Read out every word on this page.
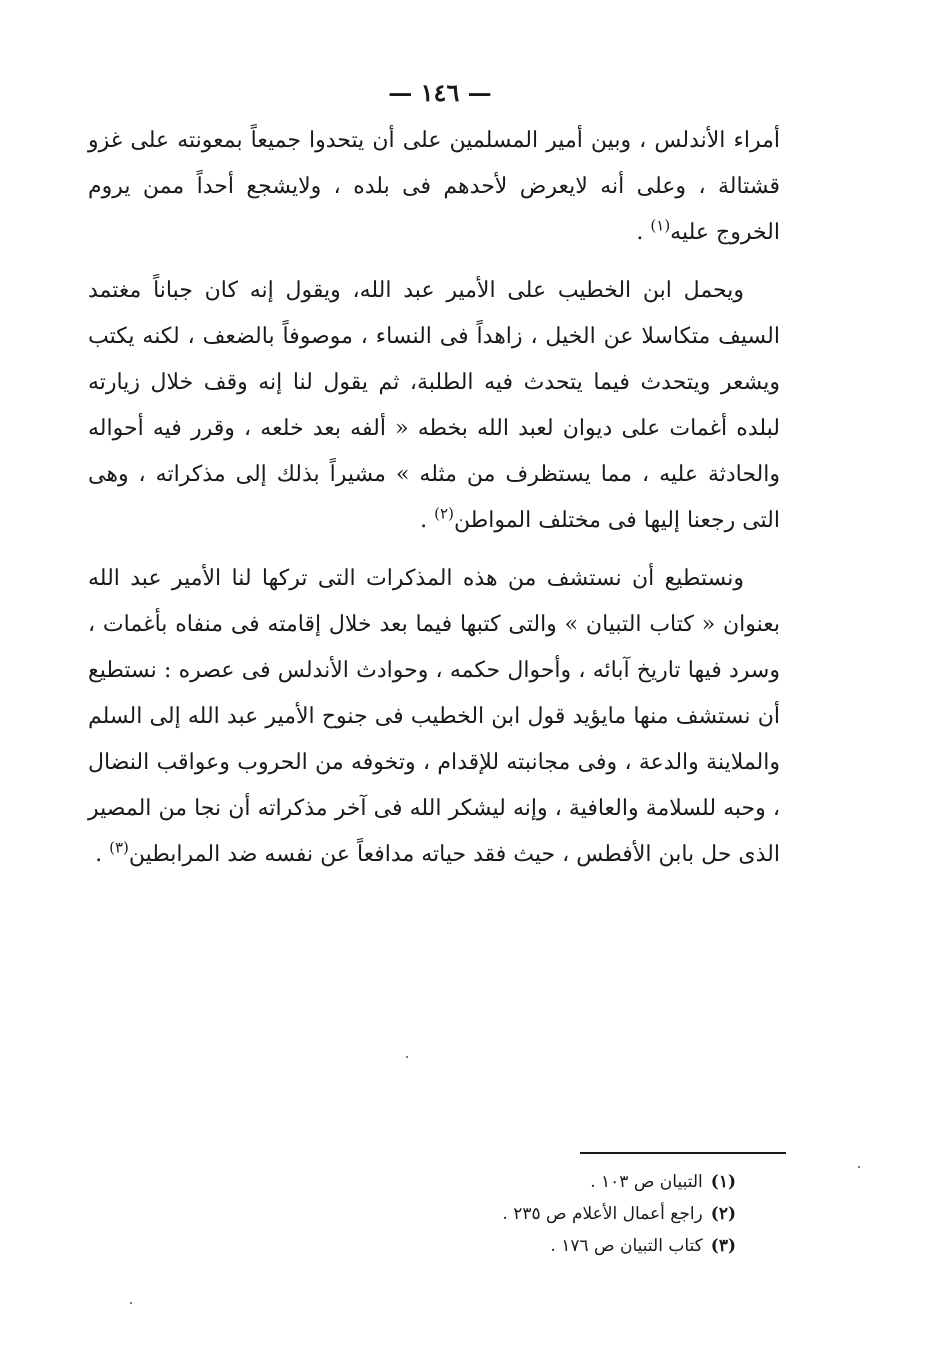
— ١٤٦ —

أمراء الأندلس ، وبين أمير المسلمين على أن يتحدوا جميعاً بمعونته على غزو قشتالة ، وعلى أنه لايعرض لأحدهم فى بلده ، ولايشجع أحداً ممن يروم الخروج عليه$^{(١)}$ .

ويحمل ابن الخطيب على الأمير عبد الله، ويقول إنه كان جباناً مغتمد السيف متكاسلا عن الخيل ، زاهداً فى النساء ، موصوفاً بالضعف ، لكنه يكتب ويشعر ويتحدث فيما يتحدث فيه الطلبة، ثم يقول لنا إنه وقف خلال زيارته لبلده أغمات على ديوان لعبد الله بخطه « ألفه بعد خلعه ، وقرر فيه أحواله والحادثة عليه ، مما يستظرف من مثله » مشيراً بذلك إلى مذكراته ، وهى التى رجعنا إليها فى مختلف المواطن$^{(٢)}$ .

ونستطيع أن نستشف من هذه المذكرات التى تركها لنا الأمير عبد الله بعنوان « كتاب التبيان » والتى كتبها فيما بعد خلال إقامته فى منفاه بأغمات ، وسرد فيها تاريخ آبائه ، وأحوال حكمه ، وحوادث الأندلس فى عصره : نستطيع أن نستشف منها مايؤيد قول ابن الخطيب فى جنوح الأمير عبد الله إلى السلم والملاينة والدعة ، وفى مجانبته للإقدام ، وتخوفه من الحروب وعواقب النضال ، وحبه للسلامة والعافية ، وإنه ليشكر الله فى آخر مذكراته أن نجا من المصير الذى حل بابن الأفطس ، حيث فقد حياته مدافعاً عن نفسه ضد المرابطين$^{(٣)}$ .

(١)التبيان ص ١٠٣ .
(٢)راجع أعمال الأعلام ص ٢٣٥ .
(٣)كتاب التبيان ص ١٧٦ .
